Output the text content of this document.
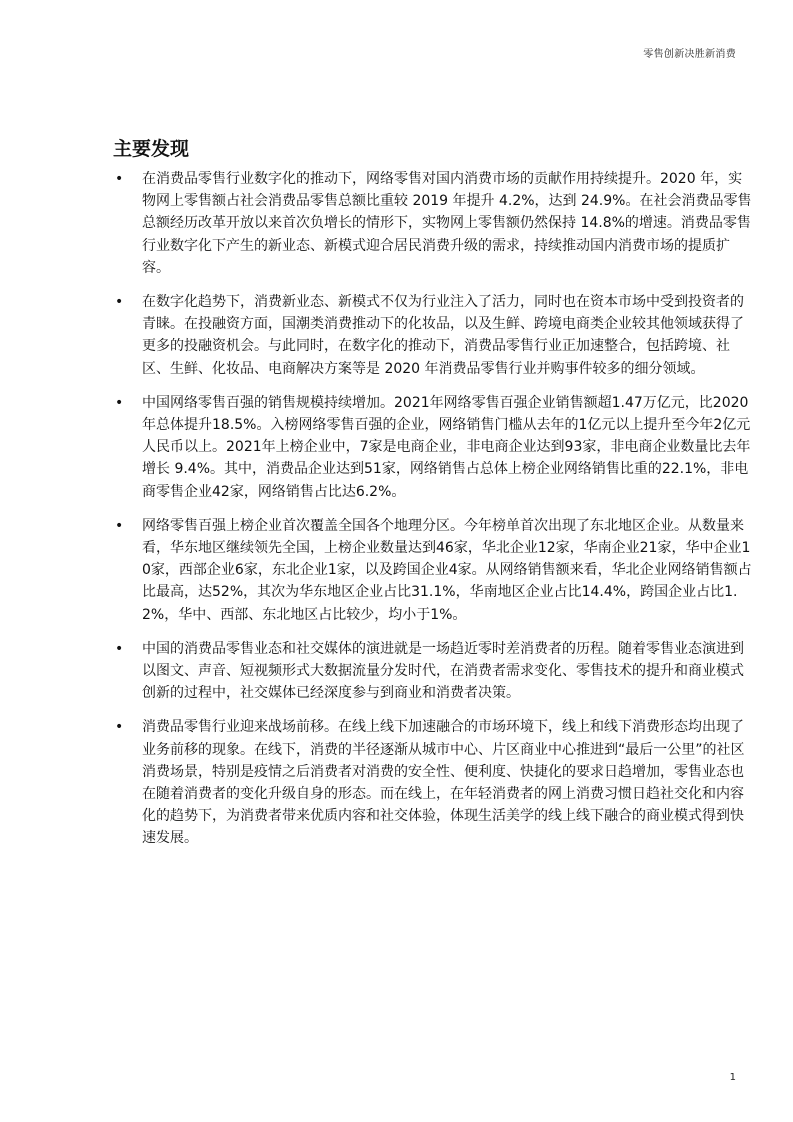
零售创新决胜新消费
主要发现
• 在消费品零售行业数字化的推动下，网络零售对国内消费市场的贡献作用持续提升。2020 年，实物网上零售额占社会消费品零售总额比重较 2019 年提升 4.2%，达到 24.9%。在社会消费品零售总额经历改革开放以来首次负增长的情形下，实物网上零售额仍然保持 14.8%的增速。消费品零售行业数字化下产生的新业态、新模式迎合居民消费升级的需求，持续推动国内消费市场的提质扩容。
• 在数字化趋势下，消费新业态、新模式不仅为行业注入了活力，同时也在资本市场中受到投资者的青睐。在投融资方面，国潮类消费推动下的化妆品，以及生鲜、跨境电商类企业较其他领域获得了更多的投融资机会。与此同时，在数字化的推动下，消费品零售行业正加速整合，包括跨境、社区、生鲜、化妆品、电商解决方案等是 2020 年消费品零售行业并购事件较多的细分领域。
• 中国网络零售百强的销售规模持续增加。2021年网络零售百强企业销售额超1.47万亿元，比2020年总体提升18.5%。入榜网络零售百强的企业，网络销售门槛从去年的1亿元以上提升至今年2亿元人民币以上。2021年上榜企业中，7家是电商企业，非电商企业达到93家，非电商企业数量比去年增长 9.4%。其中，消费品企业达到51家，网络销售占总体上榜企业网络销售比重的22.1%，非电商零售企业42家，网络销售占比达6.2%。
• 网络零售百强上榜企业首次覆盖全国各个地理分区。今年榜单首次出现了东北地区企业。从数量来看，华东地区继续领先全国，上榜企业数量达到46家，华北企业12家，华南企业21家，华中企业10家，西部企业6家，东北企业1家，以及跨国企业4家。从网络销售额来看，华北企业网络销售额占比最高，达52%，其次为华东地区企业占比31.1%，华南地区企业占比14.4%，跨国企业占比1.2%，华中、西部、东北地区占比较少，均小于1%。
• 中国的消费品零售业态和社交媒体的演进就是一场趋近零时差消费者的历程。随着零售业态演进到以图文、声音、短视频形式大数据流量分发时代，在消费者需求变化、零售技术的提升和商业模式创新的过程中，社交媒体已经深度参与到商业和消费者决策。
• 消费品零售行业迎来战场前移。在线上线下加速融合的市场环境下，线上和线下消费形态均出现了业务前移的现象。在线下，消费的半径逐渐从城市中心、片区商业中心推进到“最后一公里”的社区消费场景，特别是疫情之后消费者对消费的安全性、便利度、快捷化的要求日趋增加，零售业态也在随着消费者的变化升级自身的形态。而在线上，在年轻消费者的网上消费习惯日趋社交化和内容化的趋势下，为消费者带来优质内容和社交体验，体现生活美学的线上线下融合的商业模式得到快速发展。
1
